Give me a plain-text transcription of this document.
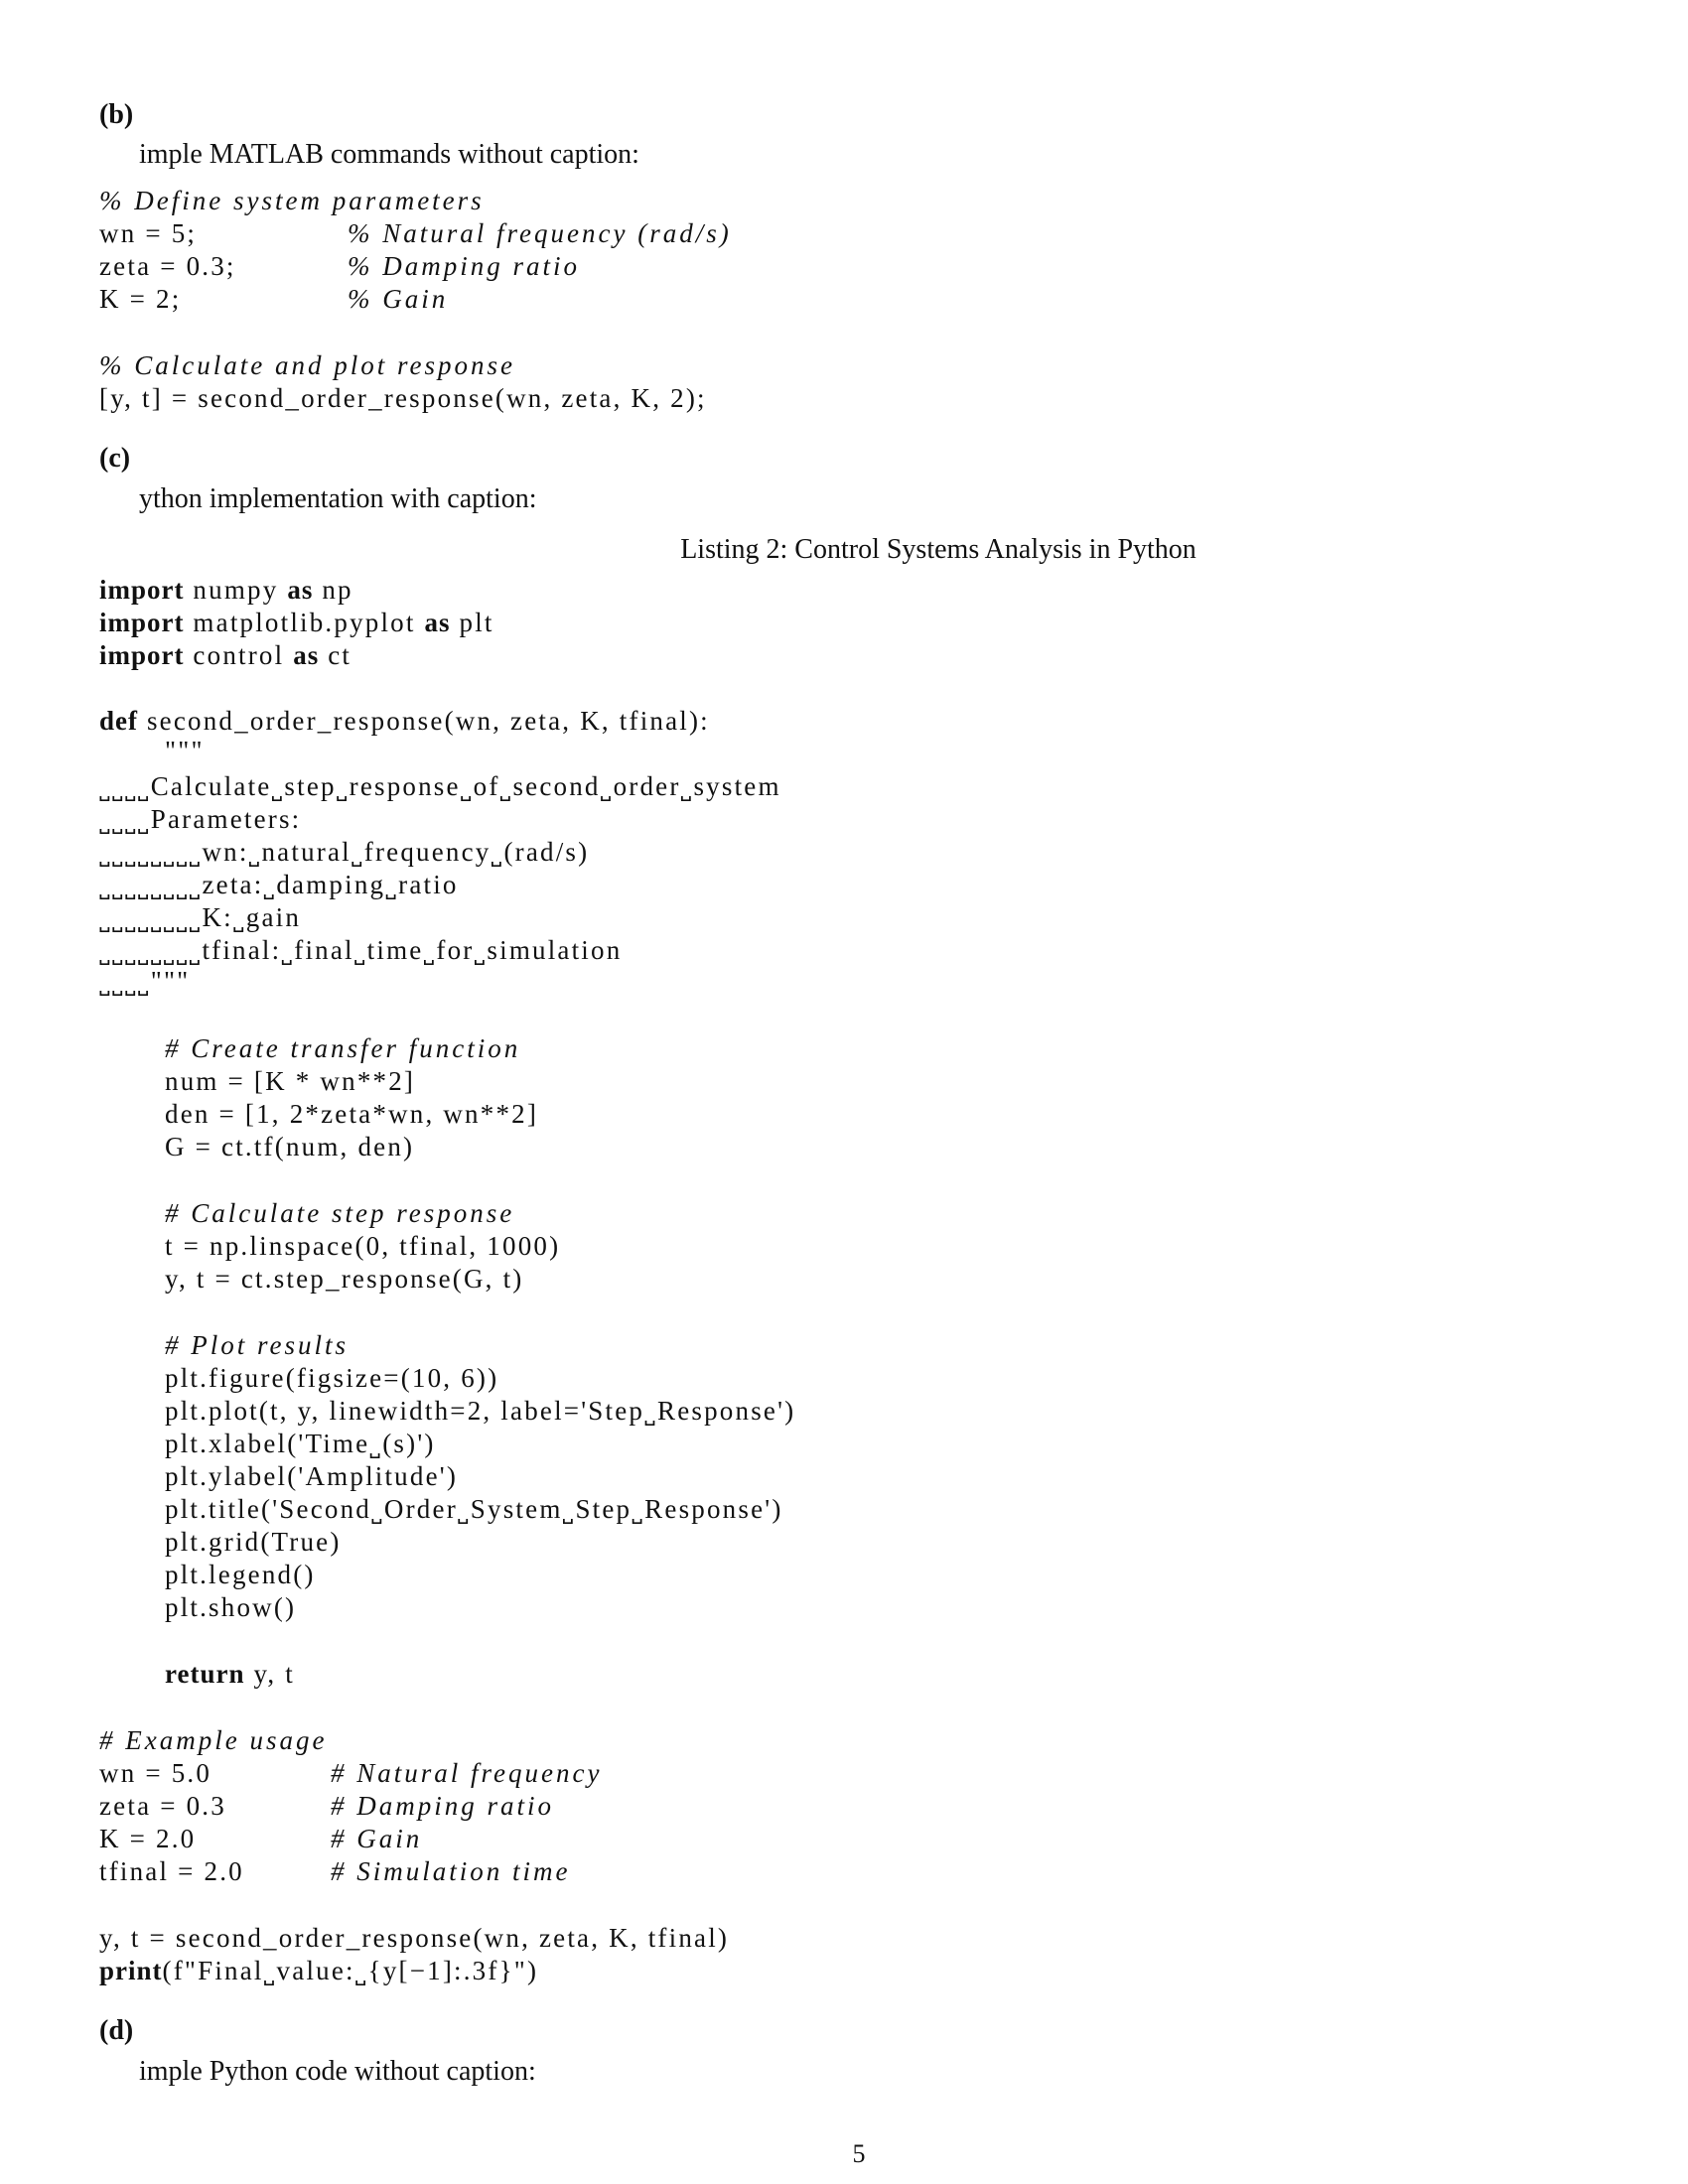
(b)
imple MATLAB commands without caption:
% Define system parameters
wn = 5;	% Natural frequency (rad/s)
zeta = 0.3;	% Damping ratio
K = 2;	% Gain
% Calculate and plot response
[y, t] = second_order_response(wn, zeta, K, 2);
(c)
ython implementation with caption:
Listing 2: Control Systems Analysis in Python
import numpy as np
import matplotlib.pyplot as plt
import control as ct
def second_order_response(wn, zeta, K, tfinal):
"""
˽˽˽˽Calculate˽step˽response˽of˽second˽order˽system
˽˽˽˽Parameters:
˽˽˽˽˽˽˽˽wn:˽natural˽frequency˽(rad/s)
˽˽˽˽˽˽˽˽zeta:˽damping˽ratio
˽˽˽˽˽˽˽˽K:˽gain
˽˽˽˽˽˽˽˽tfinal:˽final˽time˽for˽simulation
˽˽˽˽"""
# Create transfer function
num = [K * wn**2]
den = [1, 2*zeta*wn, wn**2]
G = ct.tf(num, den)
# Calculate step response
t = np.linspace(0, tfinal, 1000)
y, t = ct.step_response(G, t)
# Plot results
plt.figure(figsize=(10, 6))
plt.plot(t, y, linewidth=2, label='Step˽Response')
plt.xlabel('Time˽(s)')
plt.ylabel('Amplitude')
plt.title('Second˽Order˽System˽Step˽Response')
plt.grid(True)
plt.legend()
plt.show()
return y, t
# Example usage
wn = 5.0	# Natural frequency
zeta = 0.3	# Damping ratio
K = 2.0	# Gain
tfinal = 2.0	# Simulation time
y, t = second_order_response(wn, zeta, K, tfinal)
print(f"Final˽value:˽{y[−1]:.3f}")
(d)
imple Python code without caption:
5
